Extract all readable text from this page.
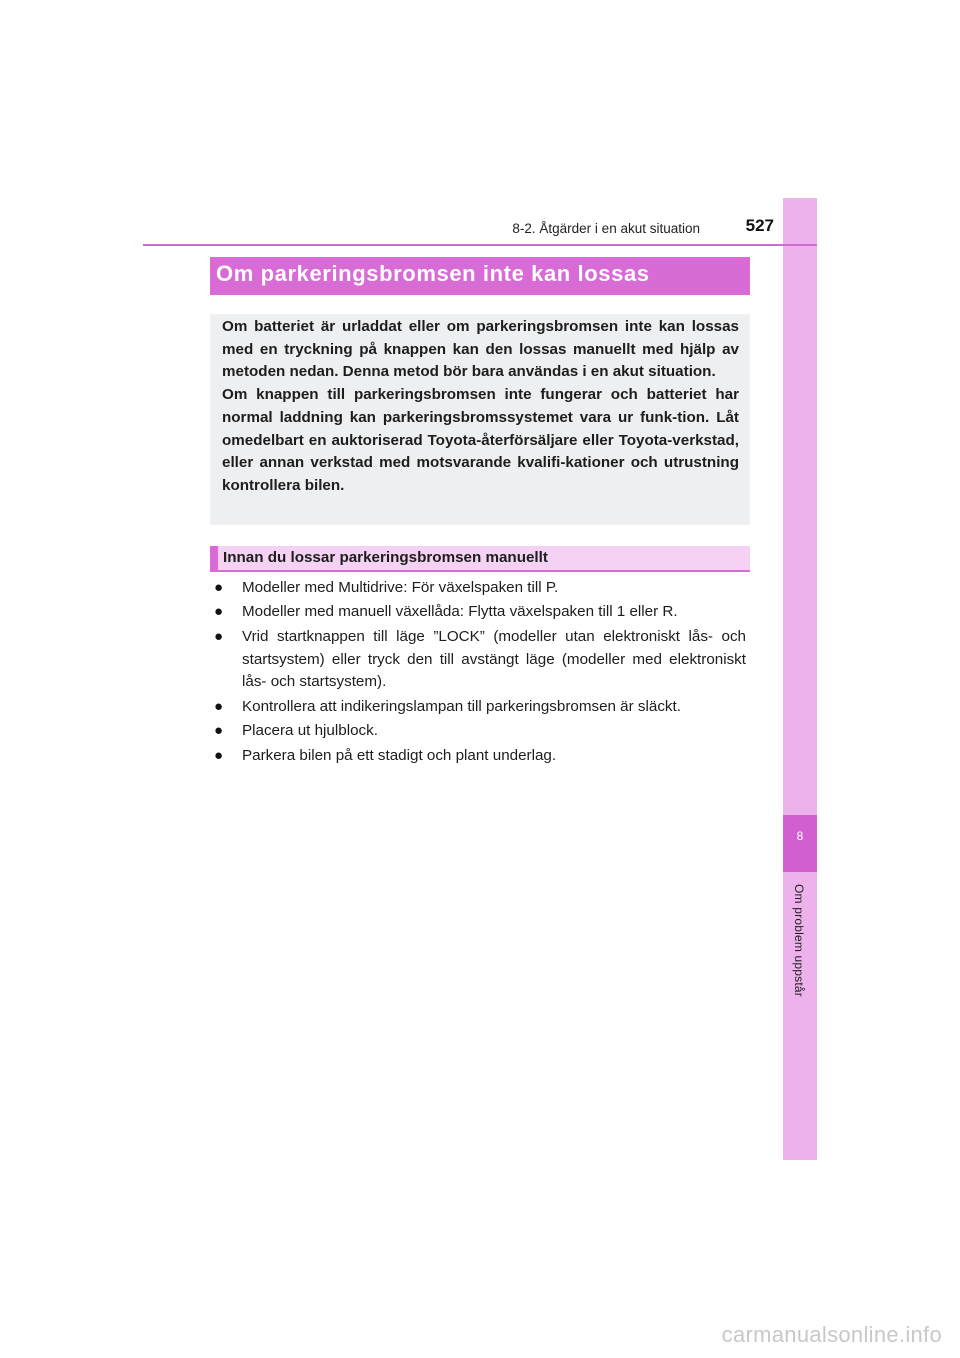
8
Om problem uppstår
8-2. Åtgärder i en akut situation	527
Om parkeringsbromsen inte kan lossas

Om batteriet är urladdat eller om parkeringsbromsen inte kan lossas med en tryckning på knappen kan den lossas manuellt med hjälp av metoden nedan. Denna metod bör bara användas i en akut situation.

Om knappen till parkeringsbromsen inte fungerar och batteriet har normal laddning kan parkeringsbromssystemet vara ur funk-tion. Låt omedelbart en auktoriserad Toyota-återförsäljare eller Toyota-verkstad, eller annan verkstad med motsvarande kvalifi-kationer och utrustning kontrollera bilen.

Innan du lossar parkeringsbromsen manuellt
● Modeller med Multidrive: För växelspaken till P.
● Modeller med manuell växellåda: Flytta växelspaken till 1 eller R.
● Vrid startknappen till läge ”LOCK” (modeller utan elektroniskt lås- och startsystem) eller tryck den till avstängt läge (modeller med elektroniskt lås- och startsystem).
● Kontrollera att indikeringslampan till parkeringsbromsen är släckt.
● Placera ut hjulblock.
● Parkera bilen på ett stadigt och plant underlag.
carmanualsonline.info
